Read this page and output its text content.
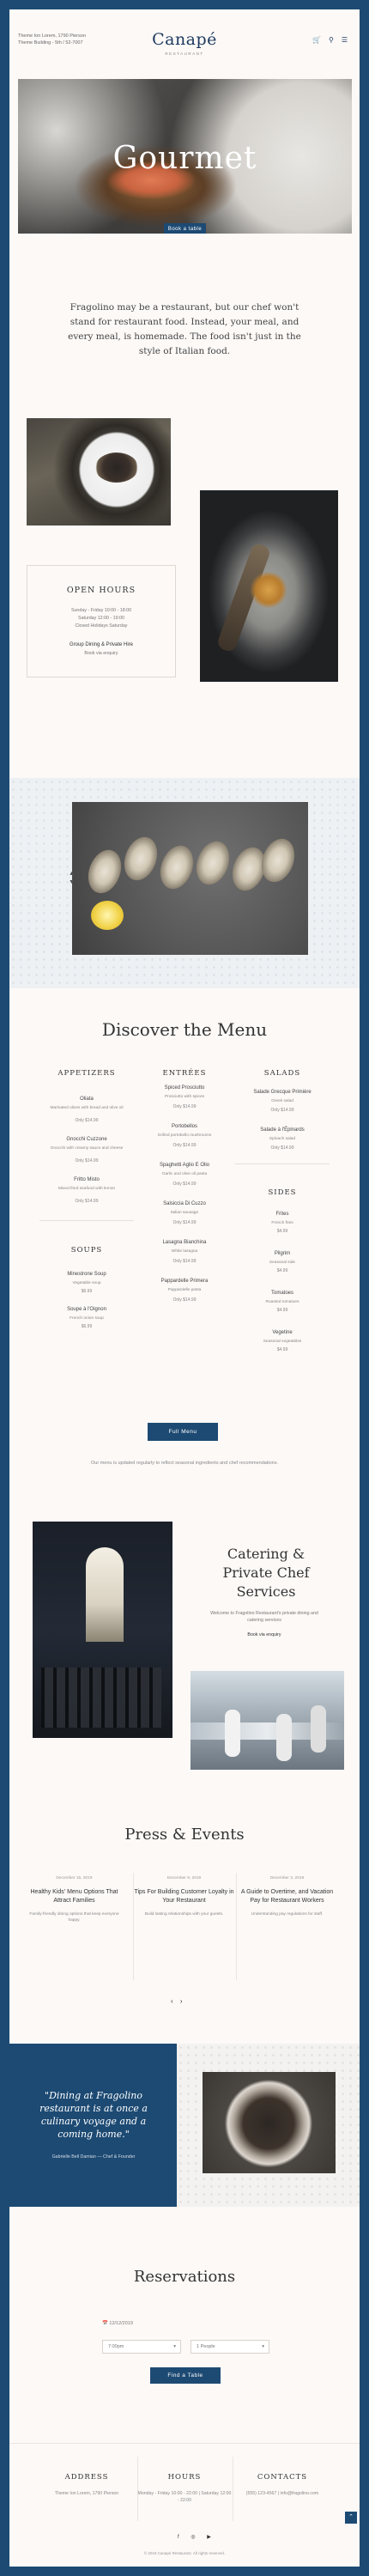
Theme Ion Lorem, 1790 Pierson
Theme Building - 5th / 52-7007	Canapé
RESTAURANT
🛒 ⚲ ☰
Gourmet
Book a table
Fragolino may be a restaurant, but our chef won't stand for restaurant food. Instead, your meal, and every meal, is homemade. The food isn't just in the style of Italian food.
OPEN HOURS
Sunday - Friday 10:00 - 18:00
Saturday 12:00 - 19:00
Closed Holidays Saturday
Group Dining & Private Hire
Book via enquiry
▲
▼
Discover the Menu
APPETIZERS
Oliata
Marinated olives with bread and olive oil
Only $14.99
Gnocchi Cuzzone
Gnocchi with creamy sauce and cheese
Only $14.99
Fritto Misto
Mixed fried seafood with lemon
Only $14.99
SOUPS
Minestrone Soup
Vegetable soup
$6.99
Soupe à l'Oignon
French onion soup
$6.99
ENTRÉES
Spiced Prosciutto
Prosciutto with spices
Only $14.99
Portobellos
Grilled portobello mushrooms
Only $14.99
Spaghetti Aglio E Olio
Garlic and olive oil pasta
Only $14.99
Salsiccia Di Cuzzo
Italian sausage
Only $14.99
Lasagna Bianchina
White lasagna
Only $14.99
Pappardelle Primera
Pappardelle pasta
Only $14.99
SALADS
Salade Grecque Primière
Greek salad
Only $14.99
Salade à l'Épinards
Spinach salad
Only $14.99
SIDES
Frites
French fries
$4.99
Pilgrim
Seasonal side
$4.99
Tomatoes
Roasted tomatoes
$4.99
Vegetine
Seasonal vegetables
$4.99
Full Menu
Our menu is updated regularly to reflect seasonal ingredients and chef recommendations.
Catering & Private Chef Services
Welcome to Fragolino Restaurant's private dining and catering services
Book via enquiry
Press & Events
December 15, 2019
Healthy Kids' Menu Options That Attract Families
Family-friendly dining options that keep everyone happy.
December 8, 2019
Tips For Building Customer Loyalty in Your Restaurant
Build lasting relationships with your guests.
December 3, 2019
A Guide to Overtime, and Vacation Pay for Restaurant Workers
Understanding pay regulations for staff.
‹ ›
"Dining at Fragolino restaurant is at once a culinary voyage and a coming home."
Gabrielle Bell Damian — Chef & Founder
Reservations
📅 12/12/2019
7:00pm	▾	1 People	▾
Find a Table
ADDRESS
Theme Ion Lorem, 1790 Pierson
HOURS
Monday - Friday 10:00 - 22:00 | Saturday 12:00 - 22:00
CONTACTS
(555) 123-4567 | info@fragolino.com
f ◎ ▶
© 2019 Canapé Restaurant. All rights reserved.
⌃
